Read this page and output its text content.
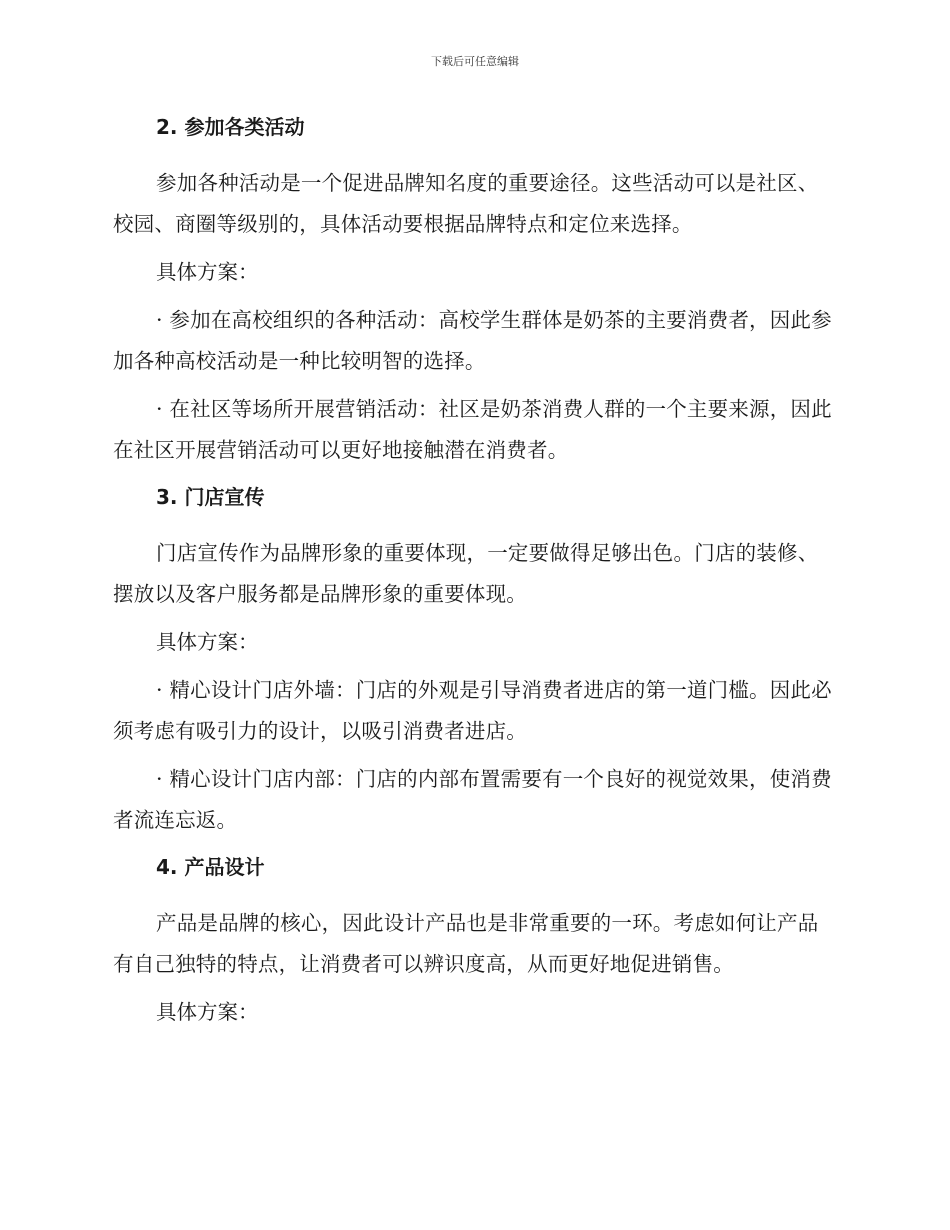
下载后可任意编辑
2. 参加各类活动

参加各种活动是一个促进品牌知名度的重要途径。这些活动可以是社区、校园、商圈等级别的，具体活动要根据品牌特点和定位来选择。

具体方案：

· 参加在高校组织的各种活动：高校学生群体是奶茶的主要消费者，因此参加各种高校活动是一种比较明智的选择。

· 在社区等场所开展营销活动：社区是奶茶消费人群的一个主要来源，因此在社区开展营销活动可以更好地接触潜在消费者。

3. 门店宣传

门店宣传作为品牌形象的重要体现，一定要做得足够出色。门店的装修、摆放以及客户服务都是品牌形象的重要体现。

具体方案：

· 精心设计门店外墙：门店的外观是引导消费者进店的第一道门槛。因此必须考虑有吸引力的设计，以吸引消费者进店。

· 精心设计门店内部：门店的内部布置需要有一个良好的视觉效果，使消费者流连忘返。

4. 产品设计

产品是品牌的核心，因此设计产品也是非常重要的一环。考虑如何让产品有自己独特的特点，让消费者可以辨识度高，从而更好地促进销售。

具体方案：
